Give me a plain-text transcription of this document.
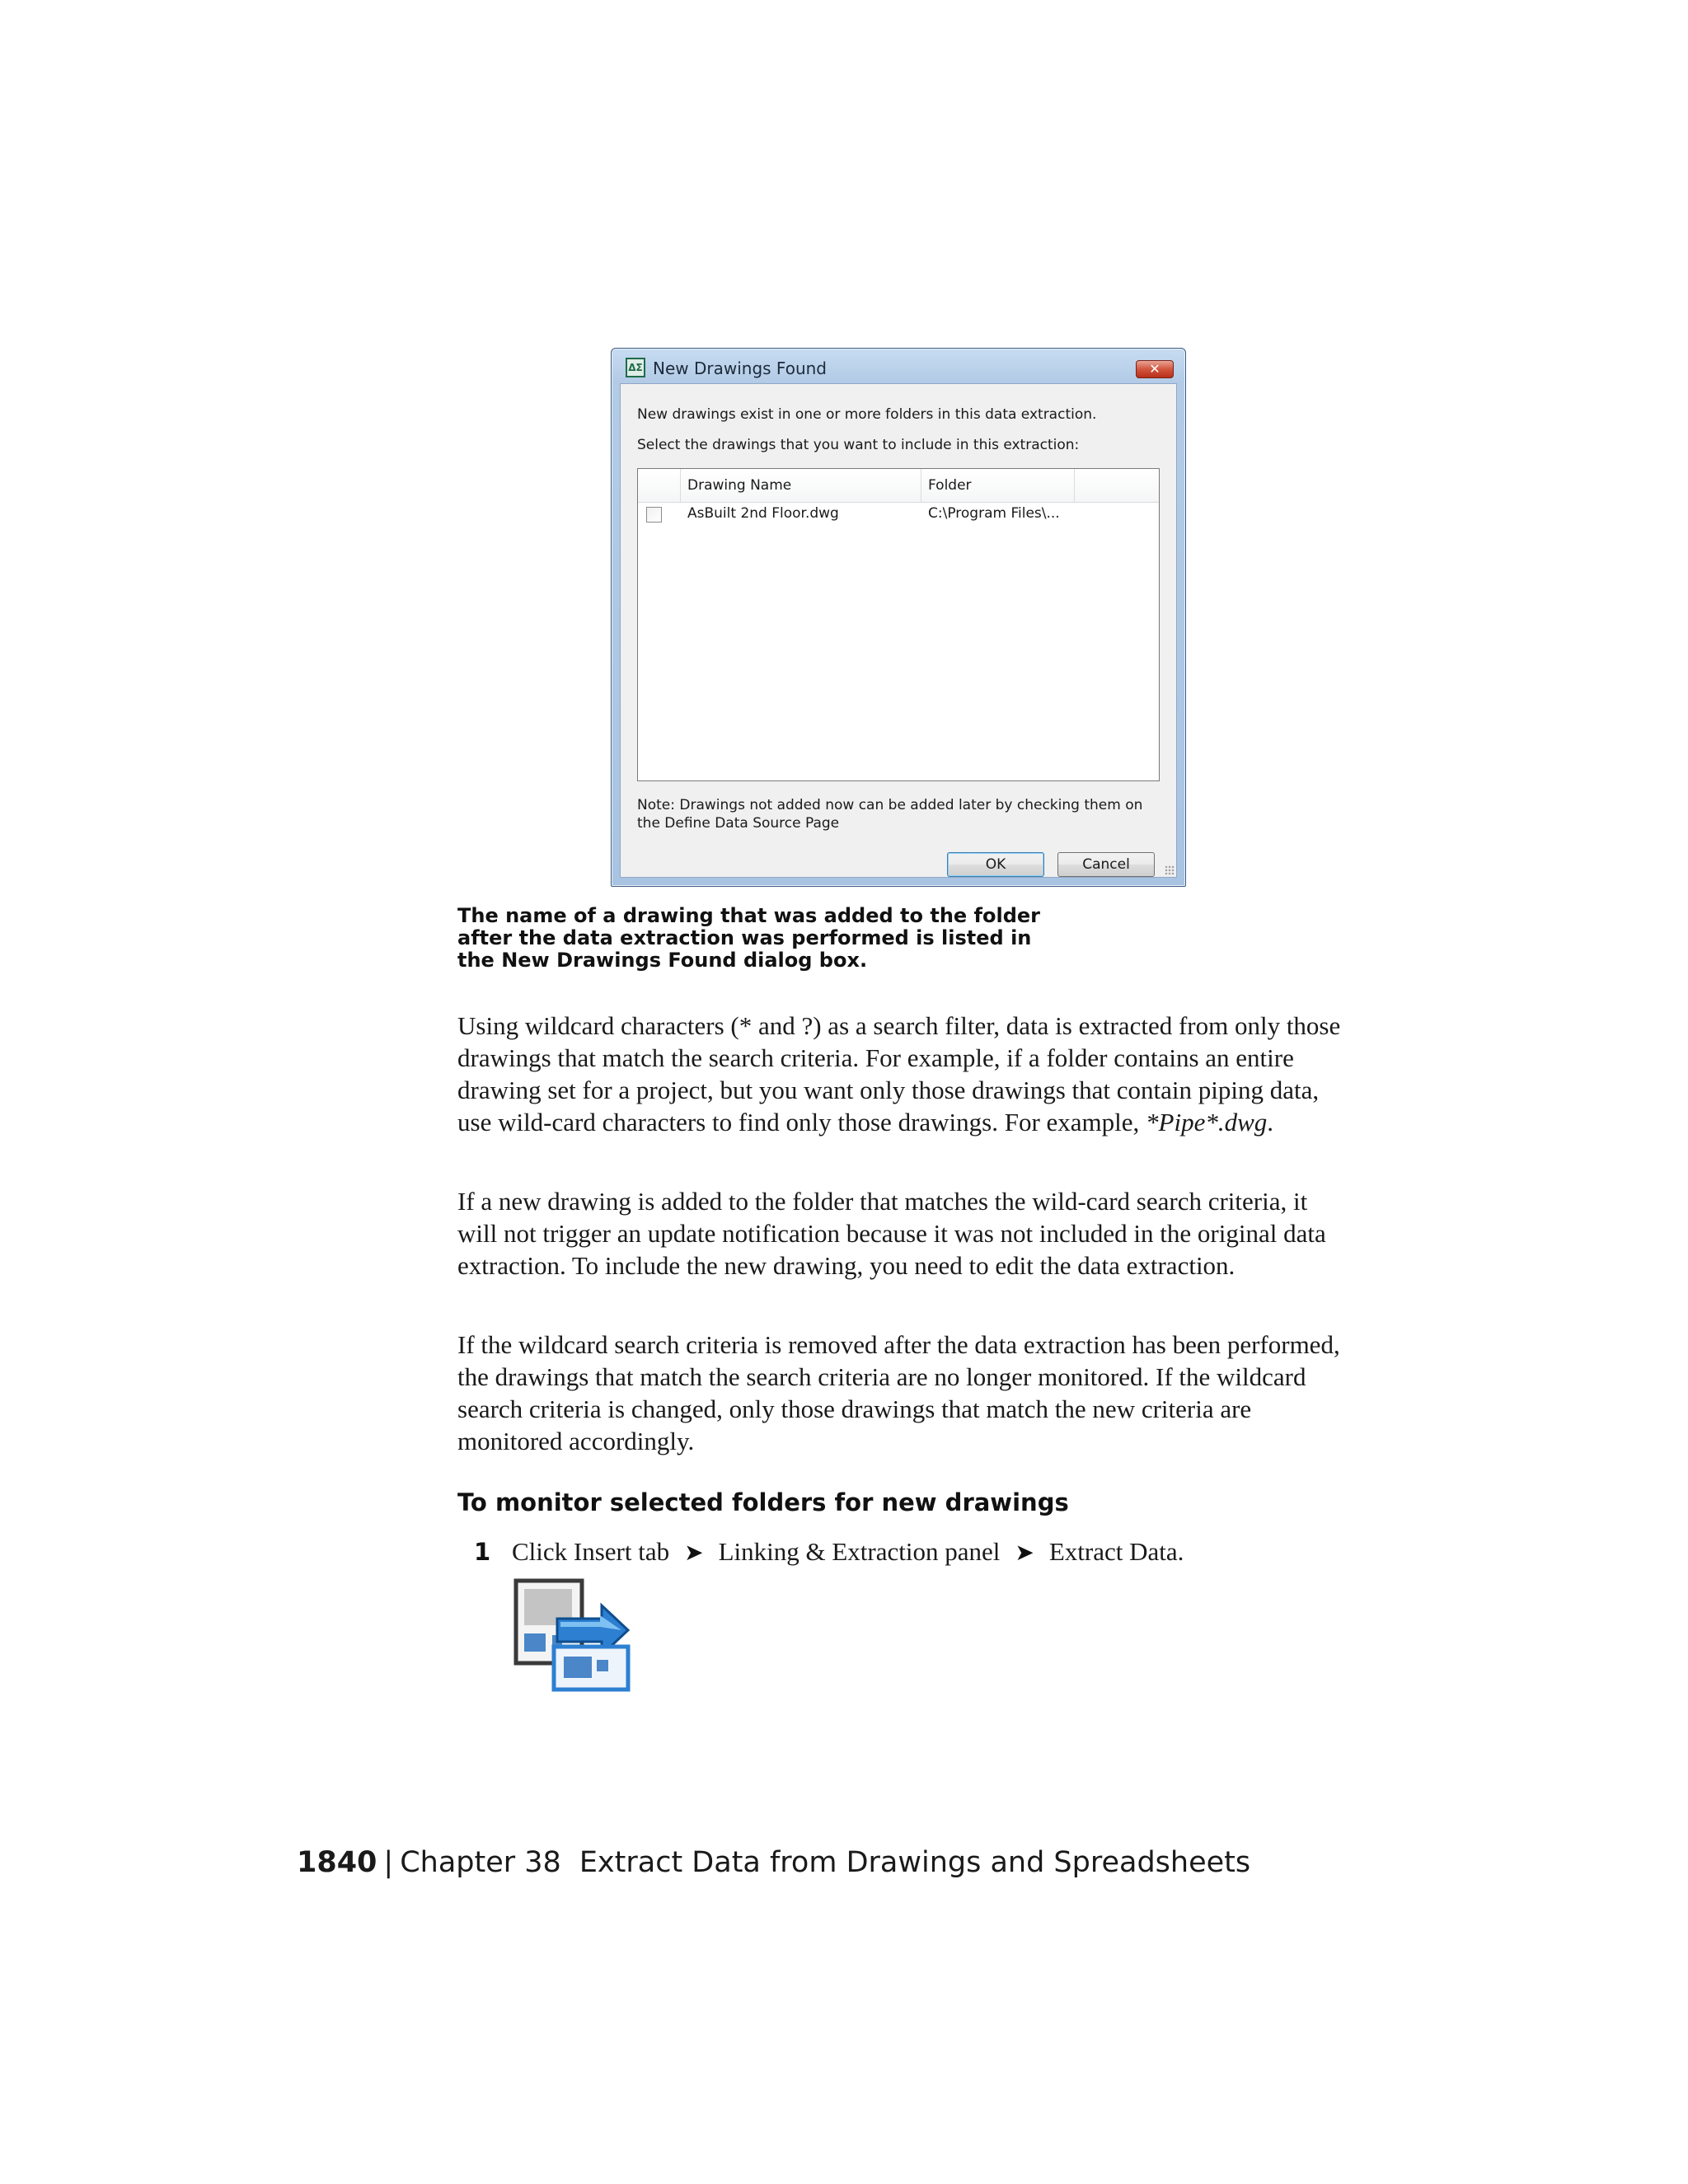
ΔΣ New Drawings Found	✕
New drawings exist in one or more folders in this data extraction.
Select the drawings that you want to include in this extraction:
Drawing Name	Folder
AsBuilt 2nd Floor.dwg	C:\Program Files\...
Note: Drawings not added now can be added later by checking them on the Define Data Source Page
OK	Cancel
The name of a drawing that was added to the folder after the data extraction was performed is listed in the New Drawings Found dialog box.

Using wildcard characters (* and ?) as a search filter, data is extracted from only those drawings that match the search criteria. For example, if a folder contains an entire drawing set for a project, but you want only those drawings that contain piping data, use wild-card characters to find only those drawings. For example, *Pipe*.dwg.

If a new drawing is added to the folder that matches the wild-card search criteria, it will not trigger an update notification because it was not included in the original data extraction. To include the new drawing, you need to edit the data extraction.

If the wildcard search criteria is removed after the data extraction has been performed, the drawings that match the search criteria are no longer monitored. If the wildcard search criteria is changed, only those drawings that match the new criteria are monitored accordingly.

To monitor selected folders for new drawings
1 Click Insert tab ➤ Linking & Extraction panel ➤ Extract Data.
1840 | Chapter 38 Extract Data from Drawings and Spreadsheets
